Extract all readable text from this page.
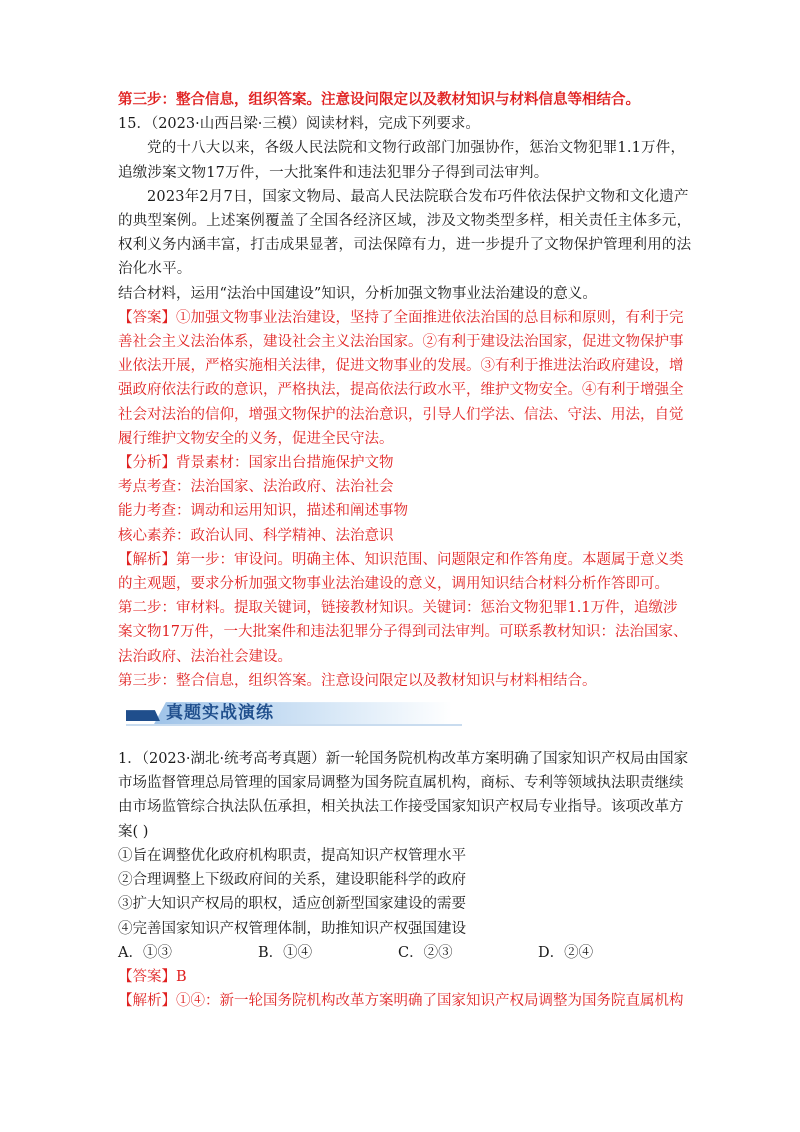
第三步：整合信息，组织答案。注意设问限定以及教材知识与材料信息等相结合。
15．（2023·山西吕梁·三模）阅读材料，完成下列要求。
党的十八大以来，各级人民法院和文物行政部门加强协作，惩治文物犯罪1.1万件，
追缴涉案文物17万件，一大批案件和违法犯罪分子得到司法审判。
2023年2月7日，国家文物局、最高人民法院联合发布巧件依法保护文物和文化遗产
的典型案例。上述案例覆盖了全国各经济区域，涉及文物类型多样，相关责任主体多元，
权利义务内涵丰富，打击成果显著，司法保障有力，进一步提升了文物保护管理利用的法
治化水平。
结合材料，运用“法治中国建设”知识，分析加强文物事业法治建设的意义。
【答案】①加强文物事业法治建设，坚持了全面推进依法治国的总目标和原则，有利于完
善社会主义法治体系，建设社会主义法治国家。②有利于建设法治国家，促进文物保护事
业依法开展，严格实施相关法律，促进文物事业的发展。③有利于推进法治政府建设，增
强政府依法行政的意识，严格执法，提高依法行政水平，维护文物安全。④有利于增强全
社会对法治的信仰，增强文物保护的法治意识，引导人们学法、信法、守法、用法，自觉
履行维护文物安全的义务，促进全民守法。
【分析】背景素材：国家出台措施保护文物
考点考查：法治国家、法治政府、法治社会
能力考查：调动和运用知识，描述和阐述事物
核心素养：政治认同、科学精神、法治意识
【解析】第一步：审设问。明确主体、知识范围、问题限定和作答角度。本题属于意义类
的主观题，要求分析加强文物事业法治建设的意义，调用知识结合材料分析作答即可。
第二步：审材料。提取关键词，链接教材知识。关键词：惩治文物犯罪1.1万件，追缴涉
案文物17万件，一大批案件和违法犯罪分子得到司法审判。可联系教材知识：法治国家、
法治政府、法治社会建设。
第三步：整合信息，组织答案。注意设问限定以及教材知识与材料相结合。
真题实战演练
1．（2023·湖北·统考高考真题）新一轮国务院机构改革方案明确了国家知识产权局由国家
市场监督管理总局管理的国家局调整为国务院直属机构，商标、专利等领域执法职责继续
由市场监管综合执法队伍承担，相关执法工作接受国家知识产权局专业指导。该项改革方
案( )
①旨在调整优化政府机构职责，提高知识产权管理水平
②合理调整上下级政府间的关系，建设职能科学的政府
③扩大知识产权局的职权，适应创新型国家建设的需要
④完善国家知识产权管理体制，助推知识产权强国建设
A．①③	B．①④	C．②③	D．②④
【答案】B
【解析】①④：新一轮国务院机构改革方案明确了国家知识产权局调整为国务院直属机构
